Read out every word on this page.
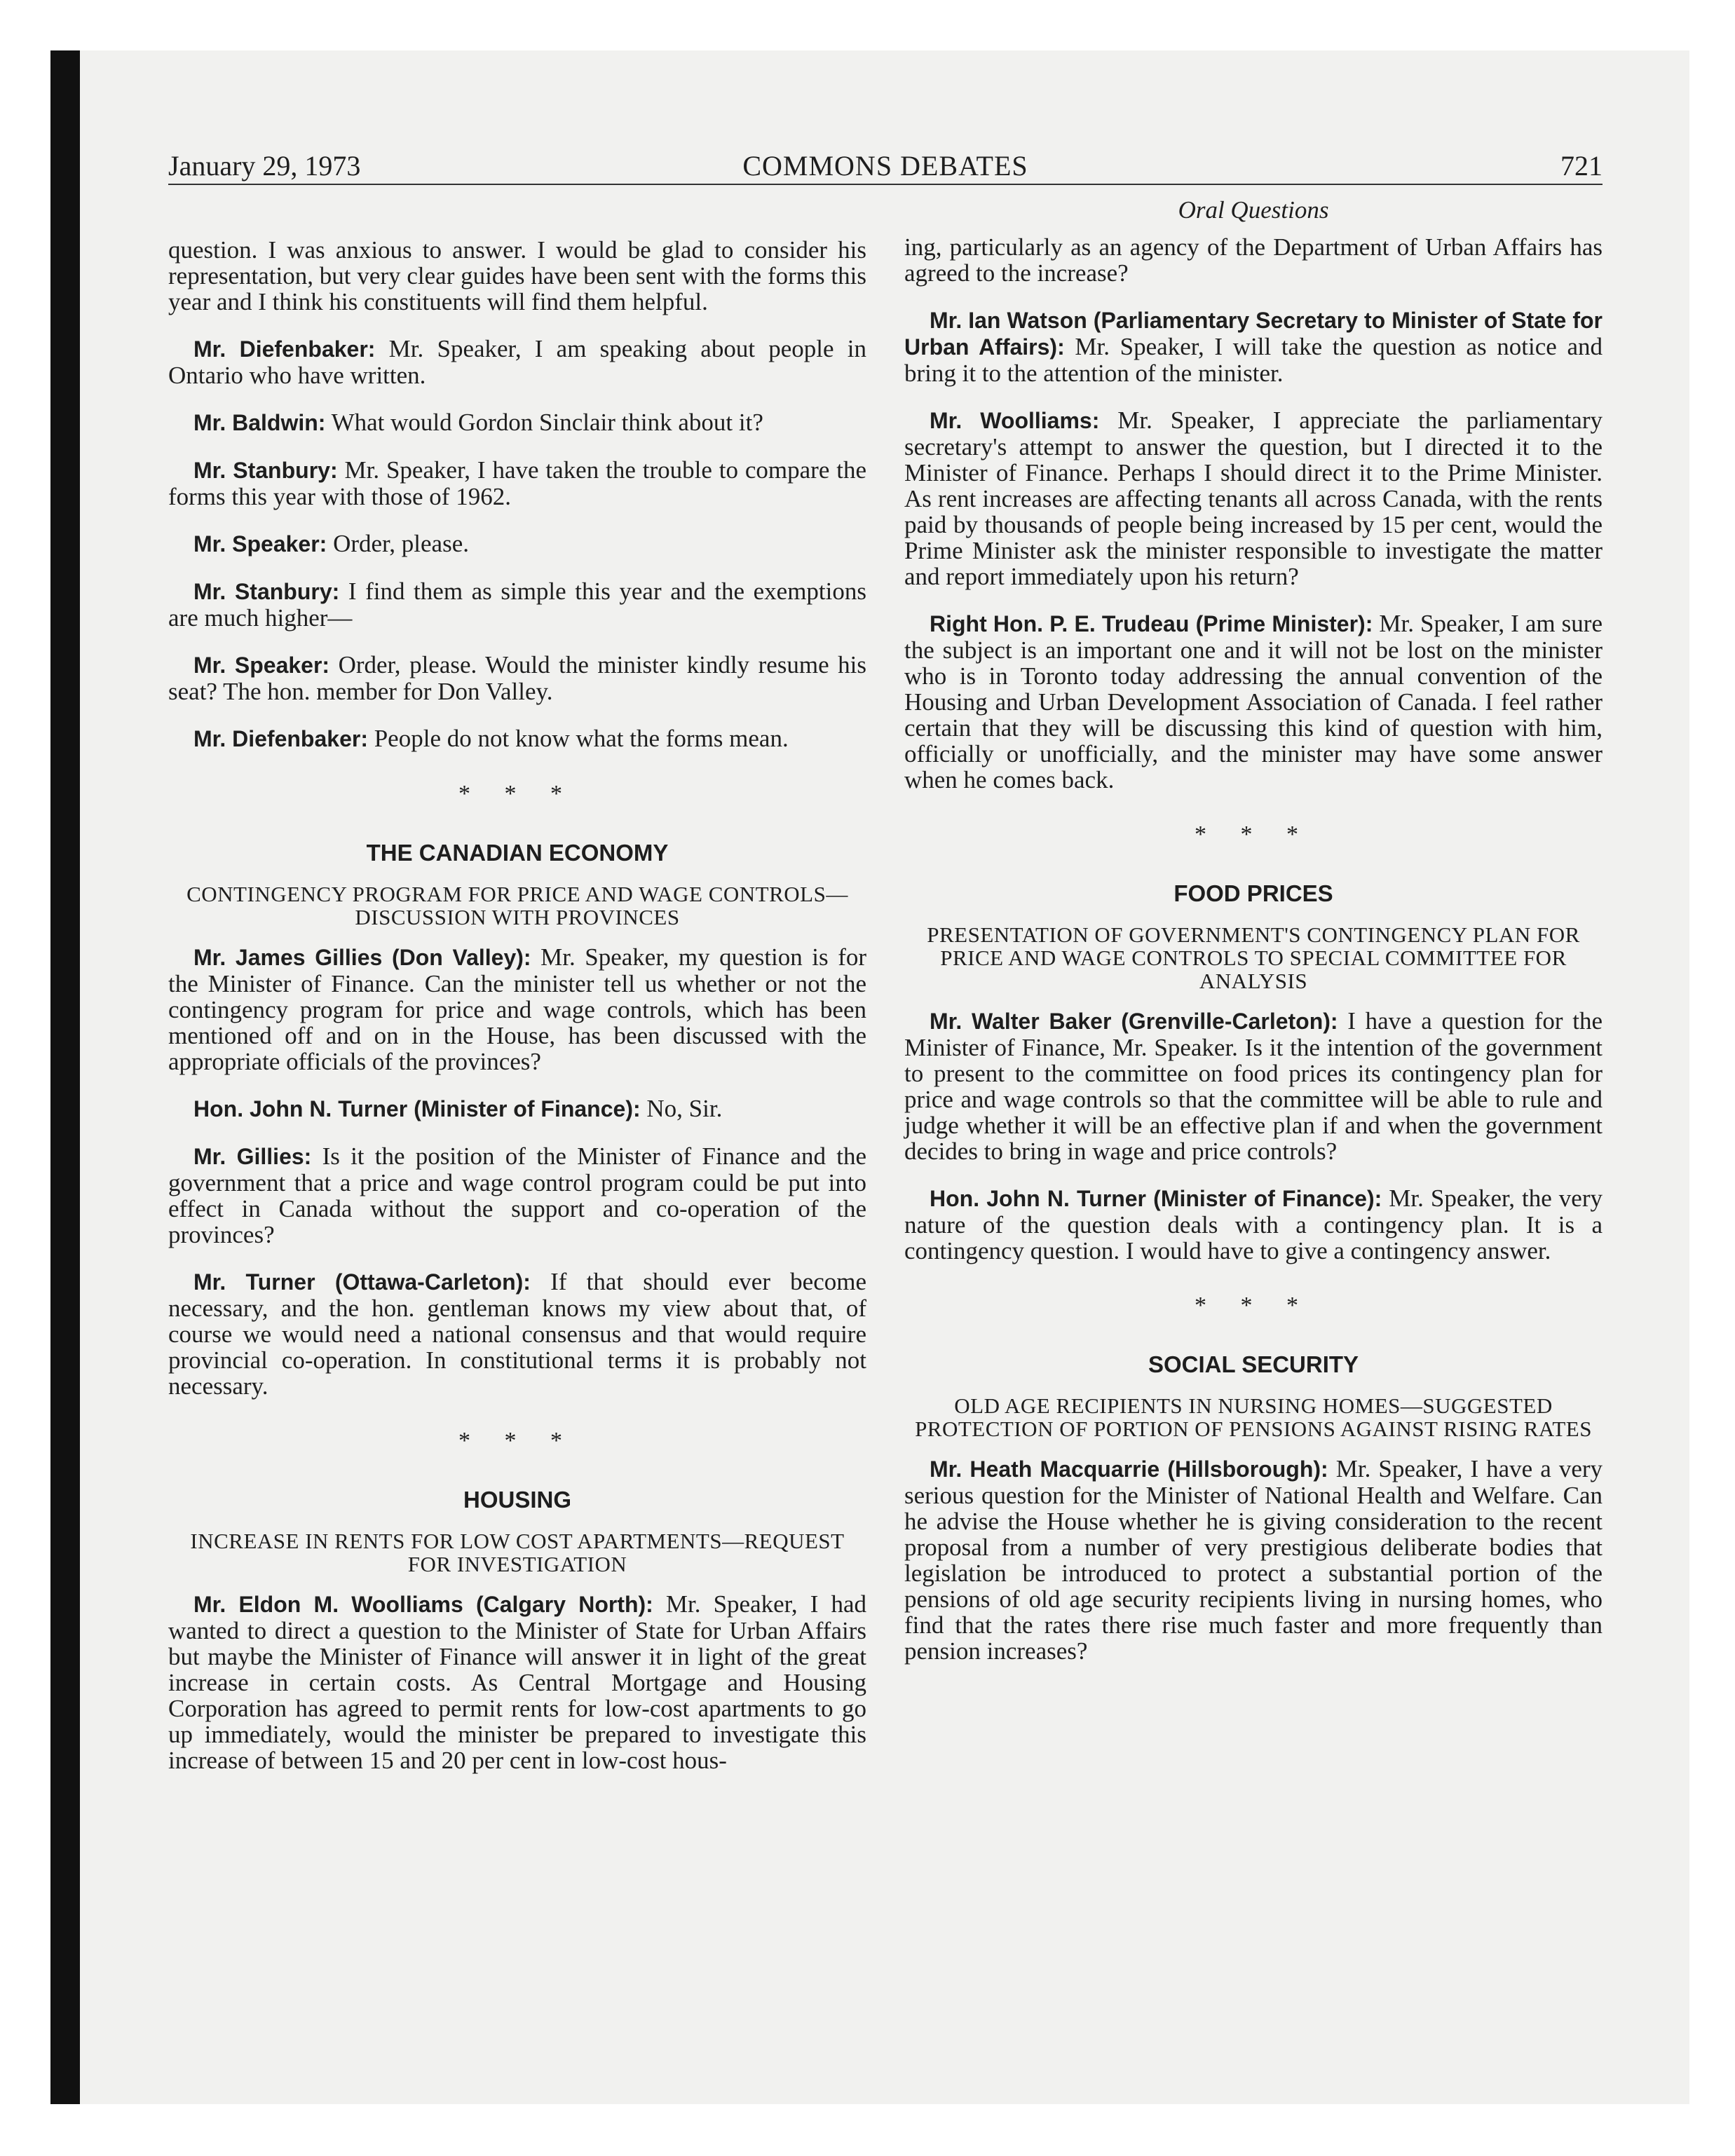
January 29, 1973	COMMONS DEBATES	721

question. I was anxious to answer. I would be glad to consider his representation, but very clear guides have been sent with the forms this year and I think his constituents will find them helpful.

Mr. Diefenbaker: Mr. Speaker, I am speaking about people in Ontario who have written.

Mr. Baldwin: What would Gordon Sinclair think about it?

Mr. Stanbury: Mr. Speaker, I have taken the trouble to compare the forms this year with those of 1962.

Mr. Speaker: Order, please.

Mr. Stanbury: I find them as simple this year and the exemptions are much higher—

Mr. Speaker: Order, please. Would the minister kindly resume his seat? The hon. member for Don Valley.

Mr. Diefenbaker: People do not know what the forms mean.

* * *
THE CANADIAN ECONOMY
CONTINGENCY PROGRAM FOR PRICE AND WAGE CONTROLS—DISCUSSION WITH PROVINCES

Mr. James Gillies (Don Valley): Mr. Speaker, my question is for the Minister of Finance. Can the minister tell us whether or not the contingency program for price and wage controls, which has been mentioned off and on in the House, has been discussed with the appropriate officials of the provinces?

Hon. John N. Turner (Minister of Finance): No, Sir.

Mr. Gillies: Is it the position of the Minister of Finance and the government that a price and wage control program could be put into effect in Canada without the support and co-operation of the provinces?

Mr. Turner (Ottawa-Carleton): If that should ever become necessary, and the hon. gentleman knows my view about that, of course we would need a national consensus and that would require provincial co-operation. In constitutional terms it is probably not necessary.

* * *
HOUSING
INCREASE IN RENTS FOR LOW COST APARTMENTS—REQUEST FOR INVESTIGATION

Mr. Eldon M. Woolliams (Calgary North): Mr. Speaker, I had wanted to direct a question to the Minister of State for Urban Affairs but maybe the Minister of Finance will answer it in light of the great increase in certain costs. As Central Mortgage and Housing Corporation has agreed to permit rents for low-cost apartments to go up immediately, would the minister be prepared to investigate this increase of between 15 and 20 per cent in low-cost hous-

Oral Questions

ing, particularly as an agency of the Department of Urban Affairs has agreed to the increase?

Mr. Ian Watson (Parliamentary Secretary to Minister of State for Urban Affairs): Mr. Speaker, I will take the question as notice and bring it to the attention of the minister.

Mr. Woolliams: Mr. Speaker, I appreciate the parliamentary secretary's attempt to answer the question, but I directed it to the Minister of Finance. Perhaps I should direct it to the Prime Minister. As rent increases are affecting tenants all across Canada, with the rents paid by thousands of people being increased by 15 per cent, would the Prime Minister ask the minister responsible to investigate the matter and report immediately upon his return?

Right Hon. P. E. Trudeau (Prime Minister): Mr. Speaker, I am sure the subject is an important one and it will not be lost on the minister who is in Toronto today addressing the annual convention of the Housing and Urban Development Association of Canada. I feel rather certain that they will be discussing this kind of question with him, officially or unofficially, and the minister may have some answer when he comes back.

* * *
FOOD PRICES
PRESENTATION OF GOVERNMENT'S CONTINGENCY PLAN FOR PRICE AND WAGE CONTROLS TO SPECIAL COMMITTEE FOR ANALYSIS

Mr. Walter Baker (Grenville-Carleton): I have a question for the Minister of Finance, Mr. Speaker. Is it the intention of the government to present to the committee on food prices its contingency plan for price and wage controls so that the committee will be able to rule and judge whether it will be an effective plan if and when the government decides to bring in wage and price controls?

Hon. John N. Turner (Minister of Finance): Mr. Speaker, the very nature of the question deals with a contingency plan. It is a contingency question. I would have to give a contingency answer.

* * *
SOCIAL SECURITY
OLD AGE RECIPIENTS IN NURSING HOMES—SUGGESTED PROTECTION OF PORTION OF PENSIONS AGAINST RISING RATES

Mr. Heath Macquarrie (Hillsborough): Mr. Speaker, I have a very serious question for the Minister of National Health and Welfare. Can he advise the House whether he is giving consideration to the recent proposal from a number of very prestigious deliberate bodies that legislation be introduced to protect a substantial portion of the pensions of old age security recipients living in nursing homes, who find that the rates there rise much faster and more frequently than pension increases?
